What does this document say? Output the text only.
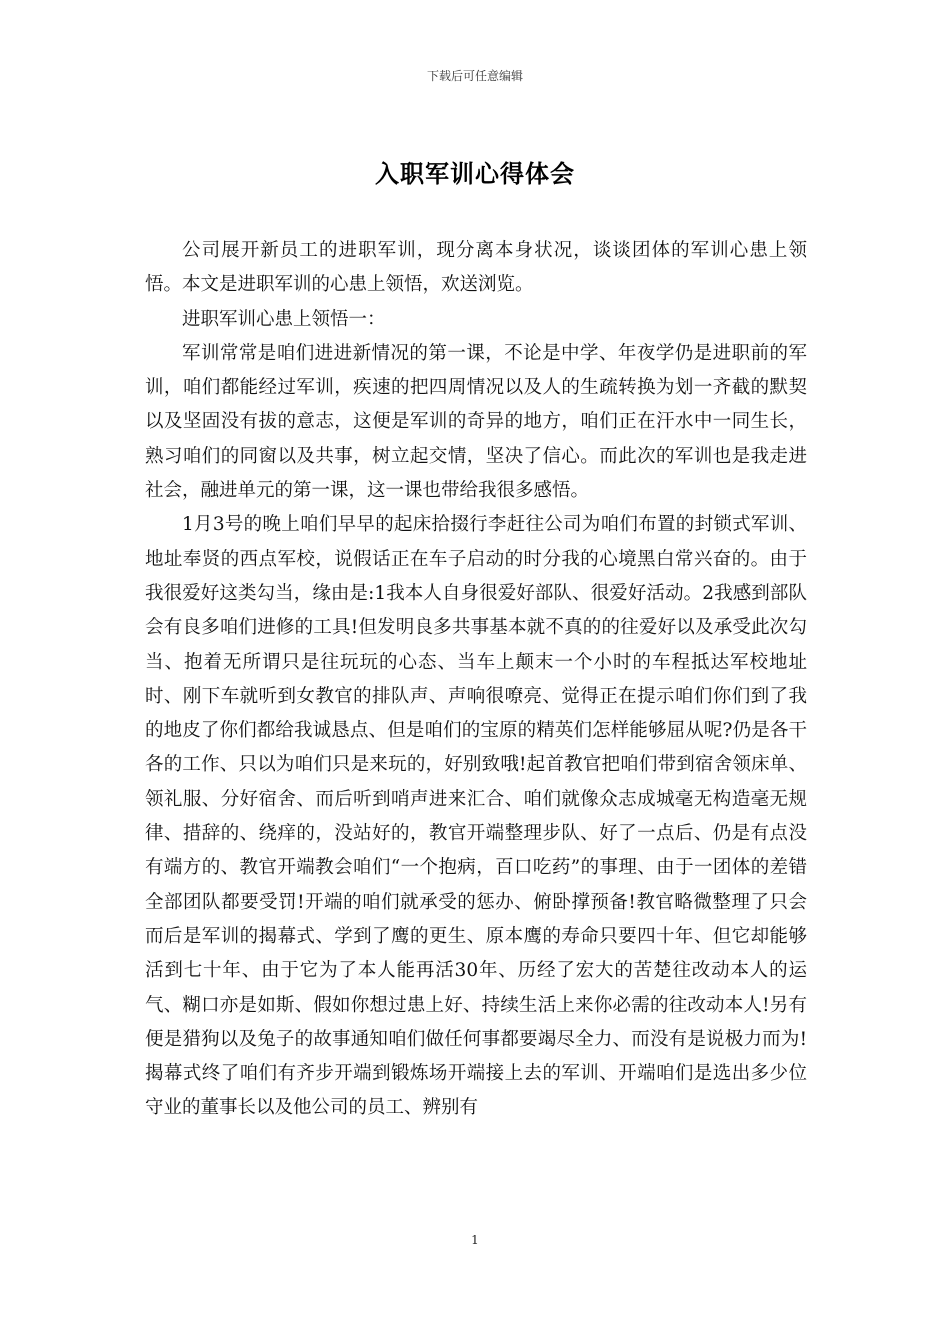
下载后可任意编辑
入职军训心得体会

公司展开新员工的进职军训，现分离本身状况，谈谈团体的军训心患上领悟。本文是进职军训的心患上领悟，欢送浏览。

进职军训心患上领悟一：

军训常常是咱们进进新情况的第一课，不论是中学、年夜学仍是进职前的军训，咱们都能经过军训，疾速的把四周情况以及人的生疏转换为划一齐截的默契以及坚固没有拔的意志，这便是军训的奇异的地方，咱们正在汗水中一同生长，熟习咱们的同窗以及共事，树立起交情，坚决了信心。而此次的军训也是我走进社会，融进单元的第一课，这一课也带给我很多感悟。

1月3号的晚上咱们早早的起床拾掇行李赶往公司为咱们布置的封锁式军训、地址奉贤的西点军校，说假话正在车子启动的时分我的心境黑白常兴奋的。由于我很爱好这类勾当，缘由是:1我本人自身很爱好部队、很爱好活动。2我感到部队会有良多咱们进修的工具!但发明良多共事基本就不真的的往爱好以及承受此次勾当、抱着无所谓只是往玩玩的心态、当车上颠末一个小时的车程抵达军校地址时、刚下车就听到女教官的排队声、声响很嘹亮、觉得正在提示咱们你们到了我的地皮了你们都给我诚恳点、但是咱们的宝原的精英们怎样能够屈从呢?仍是各干各的工作、只以为咱们只是来玩的，好别致哦!起首教官把咱们带到宿舍领床单、领礼服、分好宿舍、而后听到哨声进来汇合、咱们就像众志成城毫无构造毫无规律、措辞的、绕痒的，没站好的，教官开端整理步队、好了一点后、仍是有点没有端方的、教官开端教会咱们“一个抱病，百口吃药”的事理、由于一团体的差错全部团队都要受罚!开端的咱们就承受的惩办、俯卧撑预备!教官略微整理了只会而后是军训的揭幕式、学到了鹰的更生、原本鹰的寿命只要四十年、但它却能够活到七十年、由于它为了本人能再活30年、历经了宏大的苦楚往改动本人的运气、糊口亦是如斯、假如你想过患上好、持续生活上来你必需的往改动本人!另有便是猎狗以及兔子的故事通知咱们做任何事都要竭尽全力、而没有是说极力而为!揭幕式终了咱们有齐步开端到锻炼场开端接上去的军训、开端咱们是选出多少位守业的董事长以及他公司的员工、辨别有

1
